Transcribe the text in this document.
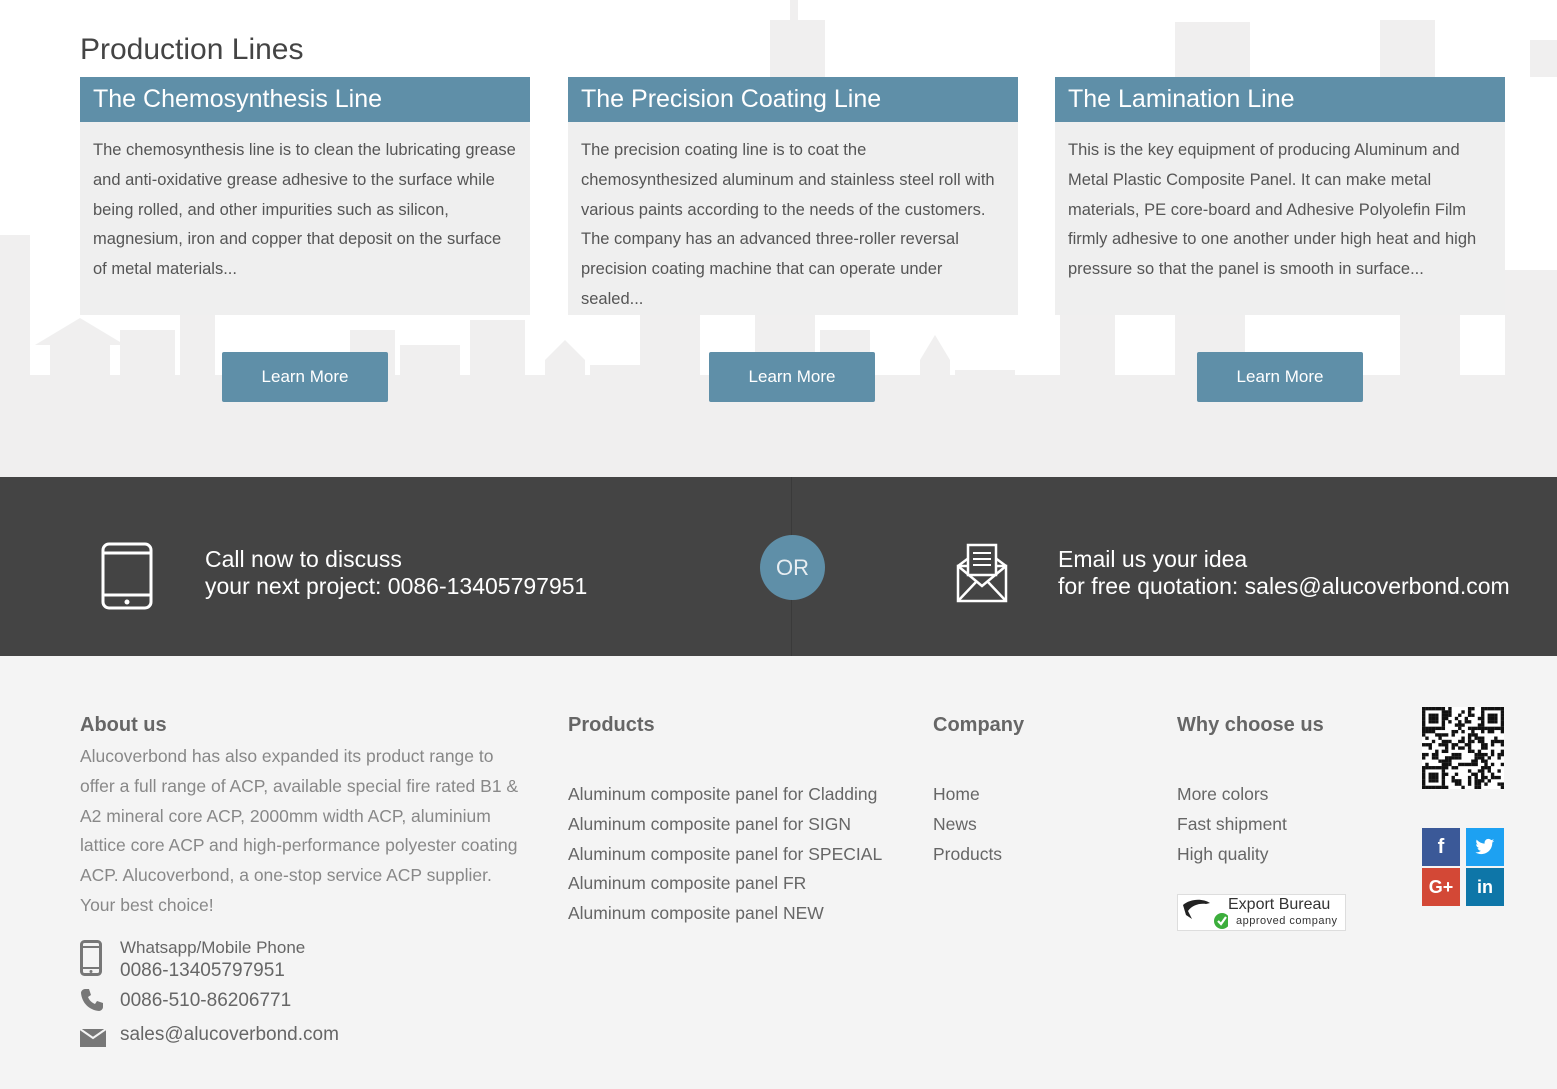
Production Lines
The Chemosynthesis Line

The chemosynthesis line is to clean the lubricating grease and anti-oxidative grease adhesive to the surface while being rolled, and other impurities such as silicon, magnesium, iron and copper that deposit on the surface of metal materials...

The Precision Coating Line

The precision coating line is to coat the chemosynthesized aluminum and stainless steel roll with various paints according to the needs of the customers. The company has an advanced three-roller reversal precision coating machine that can operate under sealed...

The Lamination Line

This is the key equipment of producing Aluminum and Metal Plastic Composite Panel. It can make metal materials, PE core-board and Adhesive Polyolefin Film firmly adhesive to one another under high heat and high pressure so that the panel is smooth in surface...

Learn More	Learn More	Learn More
Call now to discuss
your next project: 0086-13405797951
OR	Email us your idea
for free quotation: sales@alucoverbond.com
About us

Alucoverbond has also expanded its product range to offer a full range of ACP, available special fire rated B1 & A2 mineral core ACP, 2000mm width ACP, aluminium lattice core ACP and high-performance polyester coating ACP. Alucoverbond, a one-stop service ACP supplier. Your best choice!

Whatsapp/Mobile Phone
0086-13405797951
0086-510-86206771
sales@alucoverbond.com
Products
Aluminum composite panel for Cladding
Aluminum composite panel for SIGN
Aluminum composite panel for SPECIAL
Aluminum composite panel FR
Aluminum composite panel NEW
Company
Home
News
Products
Why choose us
More colors
Fast shipment
High quality
Export Bureau
approved company
f
G+	in
